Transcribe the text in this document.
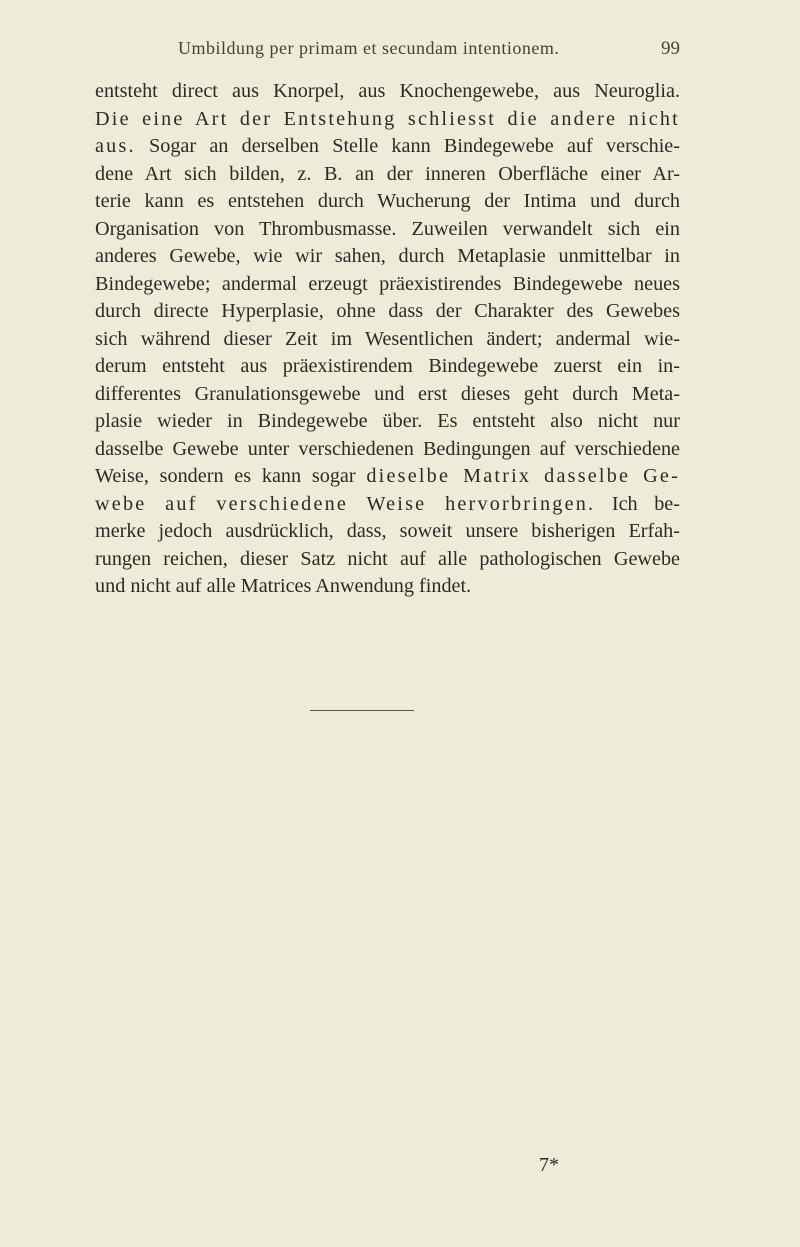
Umbildung per primam et secundam intentionem.	99
entsteht direct aus Knorpel, aus Knochengewebe, aus Neuroglia.
Die eine Art der Entstehung schliesst die andere nicht
aus. Sogar an derselben Stelle kann Bindegewebe auf verschie-
dene Art sich bilden, z. B. an der inneren Oberfläche einer Ar-
terie kann es entstehen durch Wucherung der Intima und durch
Organisation von Thrombusmasse. Zuweilen verwandelt sich ein
anderes Gewebe, wie wir sahen, durch Metaplasie unmittelbar in
Bindegewebe; andermal erzeugt präexistirendes Bindegewebe neues
durch directe Hyperplasie, ohne dass der Charakter des Gewebes
sich während dieser Zeit im Wesentlichen ändert; andermal wie-
derum entsteht aus präexistirendem Bindegewebe zuerst ein in-
differentes Granulationsgewebe und erst dieses geht durch Meta-
plasie wieder in Bindegewebe über. Es entsteht also nicht nur
dasselbe Gewebe unter verschiedenen Bedingungen auf verschiedene
Weise, sondern es kann sogar dieselbe Matrix dasselbe Ge-
webe auf verschiedene Weise hervorbringen. Ich be-
merke jedoch ausdrücklich, dass, soweit unsere bisherigen Erfah-
rungen reichen, dieser Satz nicht auf alle pathologischen Gewebe
und nicht auf alle Matrices Anwendung findet.
7*
